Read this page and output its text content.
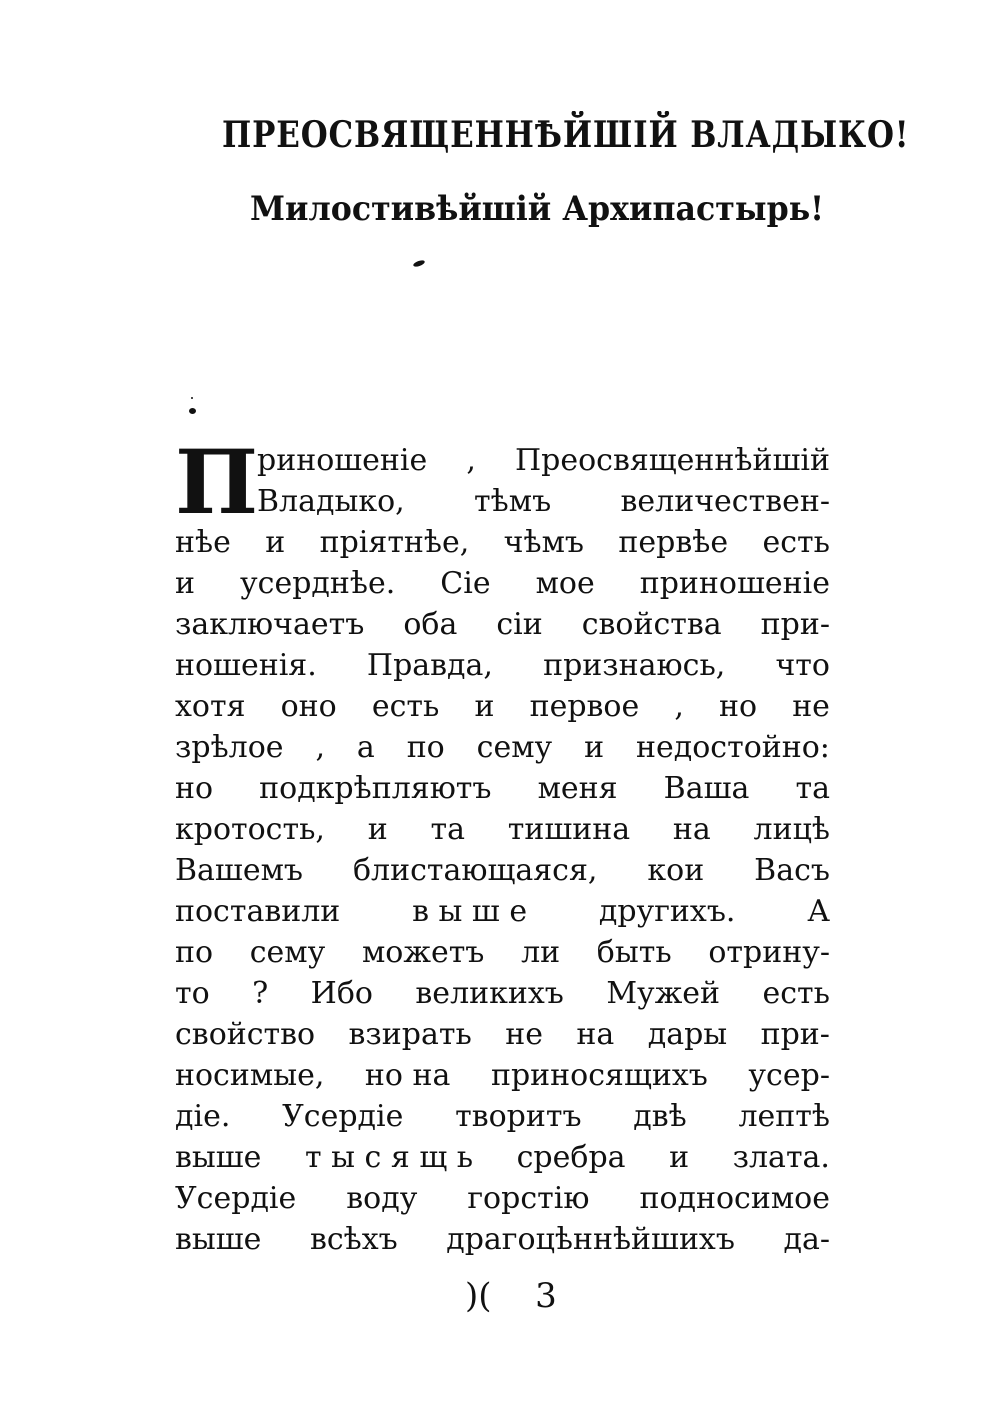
ПРЕОСВЯЩЕННѢЙШІЙ ВЛАДЫКО!
Милостивѣйшій Архипастырь!
П
риношеніе , Преосвященнѣйшій
Владыко, тѣмъ величествен-
нѣе и пріятнѣе, чѣмъ первѣе есть
и усерднѣе. Сіе мое приношеніе
заключаетъ оба сіи свойства при-
ношенія. Правда, признаюсь, что
хотя оно есть и первое , но не
зрѣлое , а по сему и недостойно:
но подкрѣпляютъ меня Ваша та
кротость, и та тишина на лицѣ
Вашемъ блистающаяся, кои Васъ
поставили в ы ш е другихъ. А
по сему можетъ ли быть отрину-
то ? Ибо великихъ Мужей есть
свойство взирать не на дары при-
носимые, но на приносящихъ усер-
діе. Усердіе творитъ двѣ лептѣ
выше т ы с я щ ь сребра и злата.
Усердіе воду горстію подносимое
выше всѣхъ драгоцѣннѣйшихъ да-
)( 3
